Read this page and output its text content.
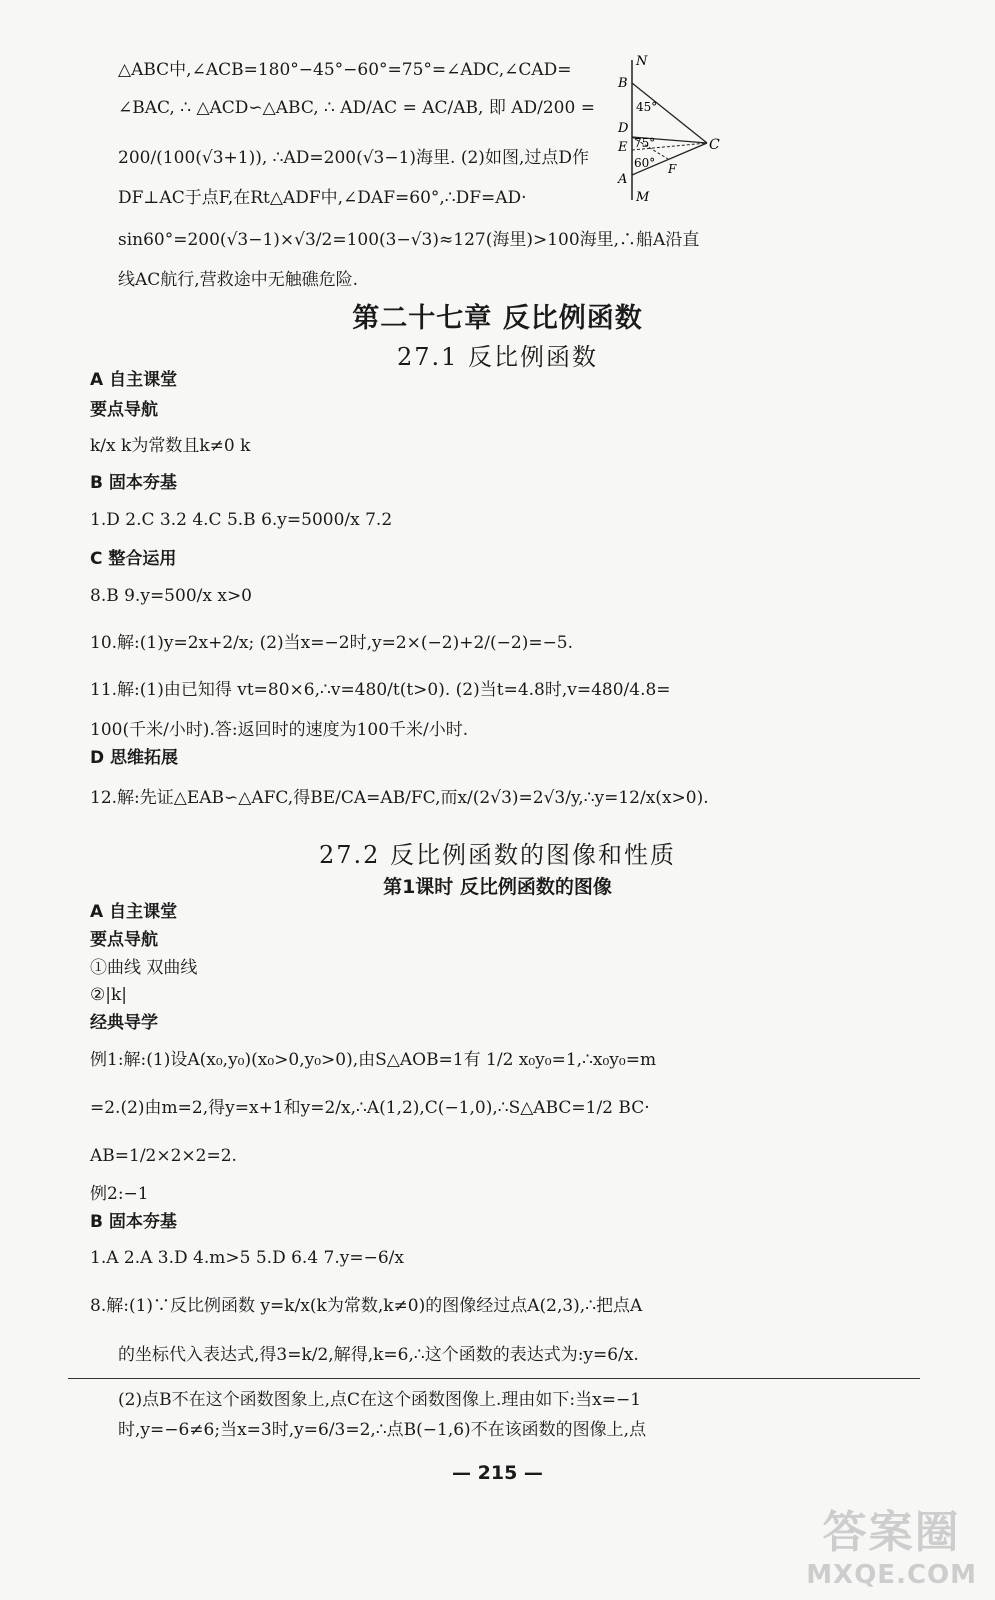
△ABC中,∠ACB=180°−45°−60°=75°=∠ADC,∠CAD=
∠BAC, ∴ △ACD∽△ABC, ∴ AD/AC = AC/AB, 即 AD/200 =
200/(100(√3+1)), ∴AD=200(√3−1)海里. (2)如图,过点D作
DF⊥AC于点F,在Rt△ADF中,∠DAF=60°,∴DF=AD·
sin60°=200(√3−1)×√3/2=100(3−√3)≈127(海里)>100海里,∴船A沿直
线AC航行,营救途中无触礁危险.
N
B
45°
D
75°
E	C
60° F
A
M
第二十七章 反比例函数
27.1 反比例函数
A 自主课堂
要点导航
k/x k为常数且k≠0 k
B 固本夯基
1.D 2.C 3.2 4.C 5.B 6.y=5000/x 7.2
C 整合运用
8.B 9.y=500/x x>0
10.解:(1)y=2x+2/x; (2)当x=−2时,y=2×(−2)+2/(−2)=−5.
11.解:(1)由已知得 vt=80×6,∴v=480/t(t>0). (2)当t=4.8时,v=480/4.8=
100(千米/小时).答:返回时的速度为100千米/小时.
D 思维拓展
12.解:先证△EAB∽△AFC,得BE/CA=AB/FC,而x/(2√3)=2√3/y,∴y=12/x(x>0).
27.2 反比例函数的图像和性质
第1课时 反比例函数的图像
A 自主课堂
要点导航
①曲线 双曲线
②|k|
经典导学
例1:解:(1)设A(x₀,y₀)(x₀>0,y₀>0),由S△AOB=1有 1/2 x₀y₀=1,∴x₀y₀=m
=2.(2)由m=2,得y=x+1和y=2/x,∴A(1,2),C(−1,0),∴S△ABC=1/2 BC·
AB=1/2×2×2=2.
例2:−1
B 固本夯基
1.A 2.A 3.D 4.m>5 5.D 6.4 7.y=−6/x
8.解:(1)∵反比例函数 y=k/x(k为常数,k≠0)的图像经过点A(2,3),∴把点A
的坐标代入表达式,得3=k/2,解得,k=6,∴这个函数的表达式为:y=6/x.
(2)点B不在这个函数图象上,点C在这个函数图像上.理由如下:当x=−1
时,y=−6≠6;当x=3时,y=6/3=2,∴点B(−1,6)不在该函数的图像上,点
— 215 —
答案圈
MXQE.COM
